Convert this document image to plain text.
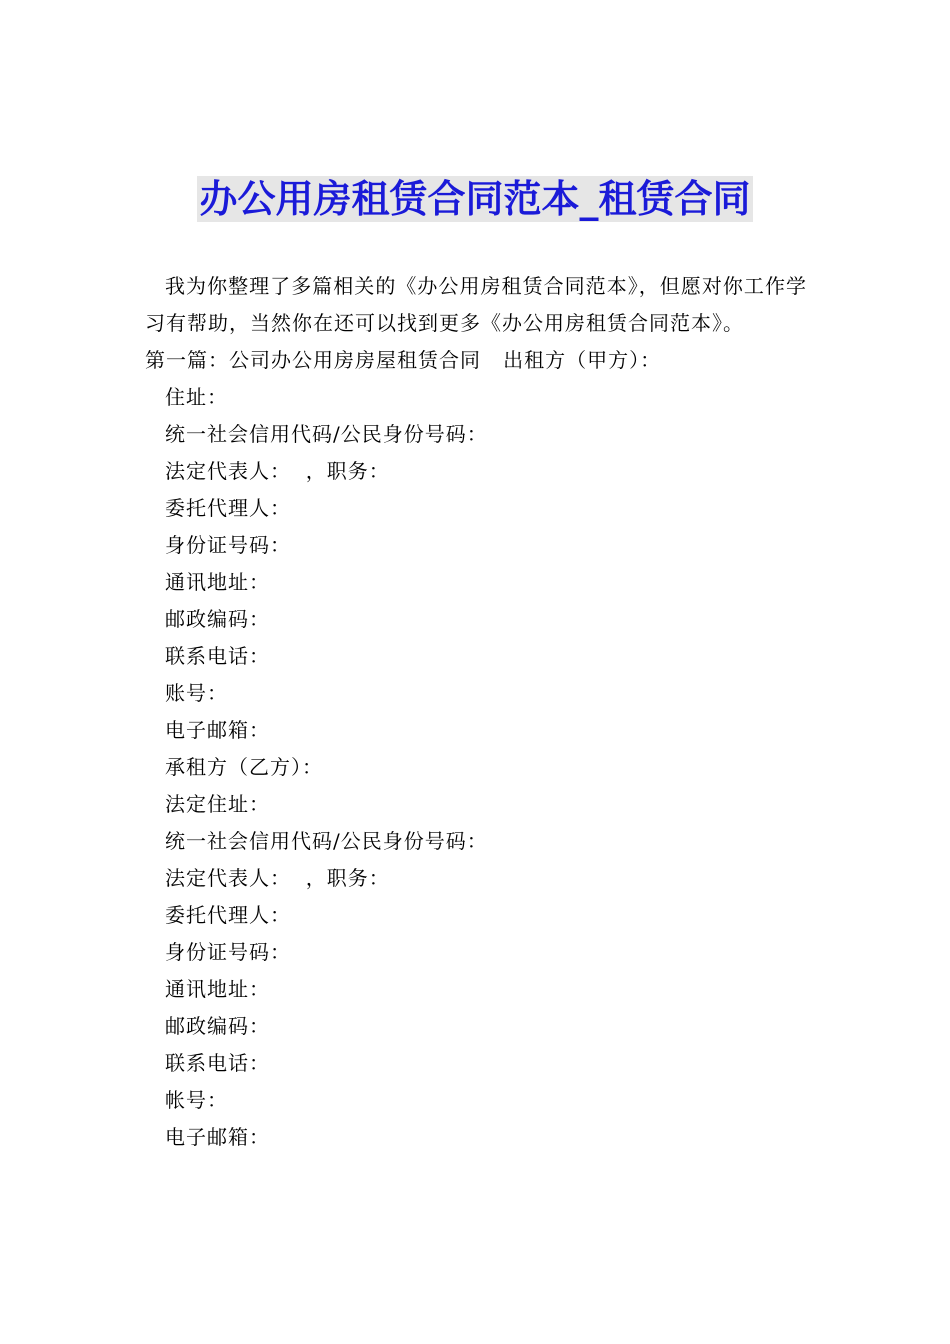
办公用房租赁合同范本_租赁合同

我为你整理了多篇相关的《办公用房租赁合同范本》，但愿对你工作学习有帮助，当然你在还可以找到更多《办公用房租赁合同范本》。

第一篇：公司办公用房房屋租赁合同   出租方（甲方）：

住址：

统一社会信用代码/公民身份号码：

法定代表人：  ，职务：

委托代理人：

身份证号码：

通讯地址：

邮政编码：

联系电话：

账号：

电子邮箱：

承租方（乙方）：

法定住址：

统一社会信用代码/公民身份号码：

法定代表人：  ，职务：

委托代理人：

身份证号码：

通讯地址：

邮政编码：

联系电话：

帐号：

电子邮箱：
